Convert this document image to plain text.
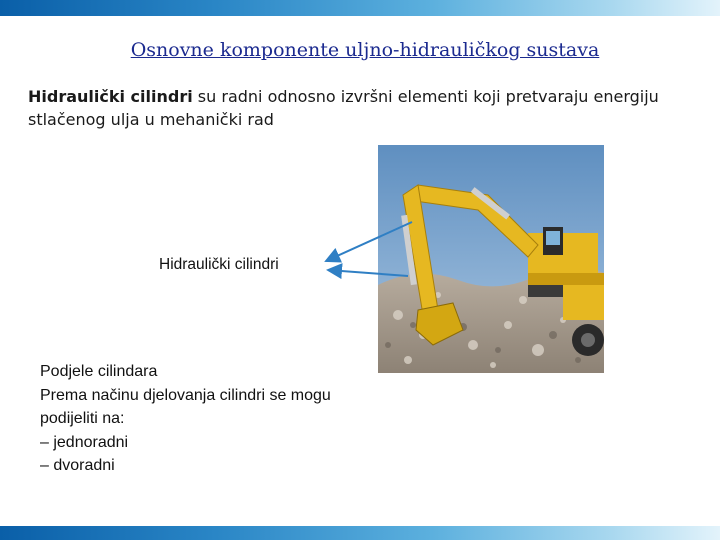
Osnovne komponente uljno-hidrauličkog sustava
Hidraulički cilindri su radni odnosno izvršni elementi koji pretvaraju energiju stlačenog ulja u mehanički rad
Hidraulički cilindri
Podjele cilindara
Prema načinu djelovanja cilindri se mogu
podijeliti na:
– jednoradni
– dvoradni
